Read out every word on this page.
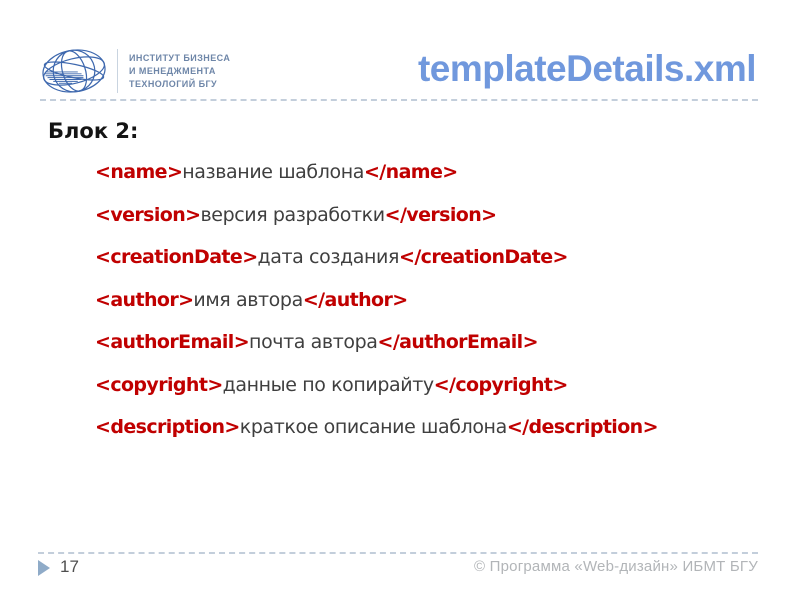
ИНСТИТУТ БИЗНЕСА
И МЕНЕДЖМЕНТА
ТЕХНОЛОГИЙ БГУ	templateDetails.xml
Блок 2:
<name>название шаблона</name>
<version>версия разработки</version>
<creationDate>дата создания</creationDate>
<author>имя автора</author>
<authorEmail>почта автора</authorEmail>
<copyright>данные по копирайту</copyright>
<description>краткое описание шаблона</description>
17	© Программа «Web-дизайн» ИБМТ БГУ
